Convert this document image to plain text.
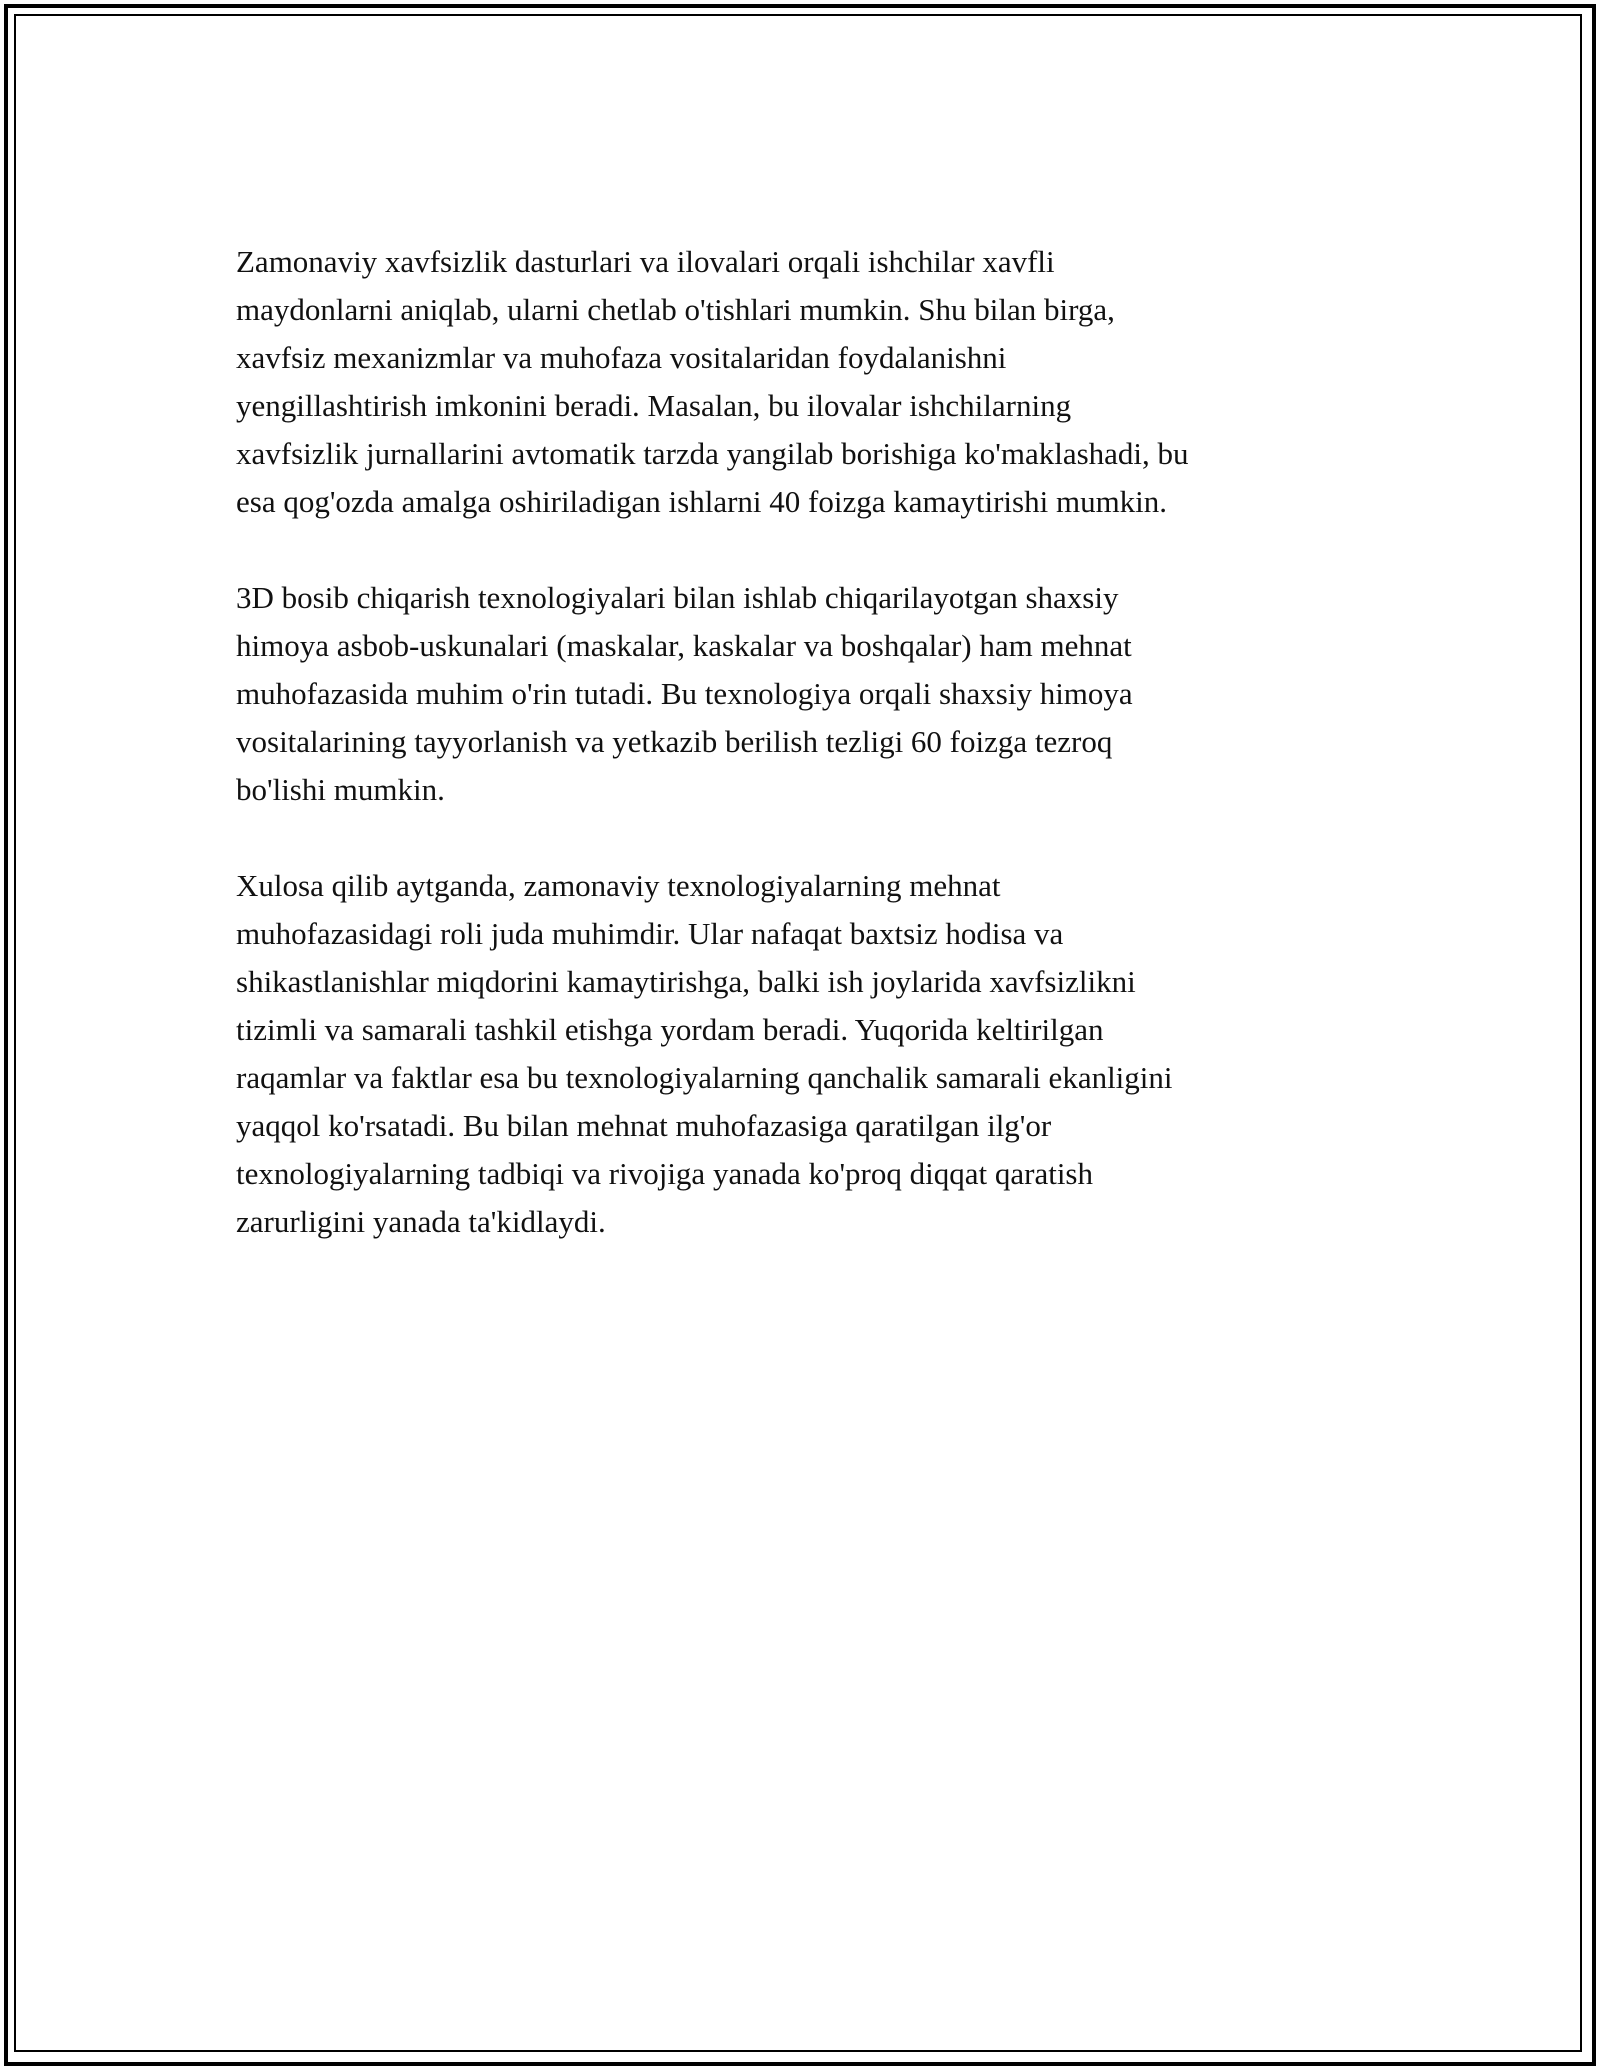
Zamonaviy xavfsizlik dasturlari va ilovalari orqali ishchilar xavfli
maydonlarni aniqlab, ularni chetlab o'tishlari mumkin. Shu bilan birga,
xavfsiz mexanizmlar va muhofaza vositalaridan foydalanishni
yengillashtirish imkonini beradi. Masalan, bu ilovalar ishchilarning
xavfsizlik jurnallarini avtomatik tarzda yangilab borishiga ko'maklashadi, bu
esa qog'ozda amalga oshiriladigan ishlarni 40 foizga kamaytirishi mumkin.

3D bosib chiqarish texnologiyalari bilan ishlab chiqarilayotgan shaxsiy
himoya asbob-uskunalari (maskalar, kaskalar va boshqalar) ham mehnat
muhofazasida muhim o'rin tutadi. Bu texnologiya orqali shaxsiy himoya
vositalarining tayyorlanish va yetkazib berilish tezligi 60 foizga tezroq
bo'lishi mumkin.

Xulosa qilib aytganda, zamonaviy texnologiyalarning mehnat
muhofazasidagi roli juda muhimdir. Ular nafaqat baxtsiz hodisa va
shikastlanishlar miqdorini kamaytirishga, balki ish joylarida xavfsizlikni
tizimli va samarali tashkil etishga yordam beradi. Yuqorida keltirilgan
raqamlar va faktlar esa bu texnologiyalarning qanchalik samarali ekanligini
yaqqol ko'rsatadi. Bu bilan mehnat muhofazasiga qaratilgan ilg'or
texnologiyalarning tadbiqi va rivojiga yanada ko'proq diqqat qaratish
zarurligini yanada ta'kidlaydi.
